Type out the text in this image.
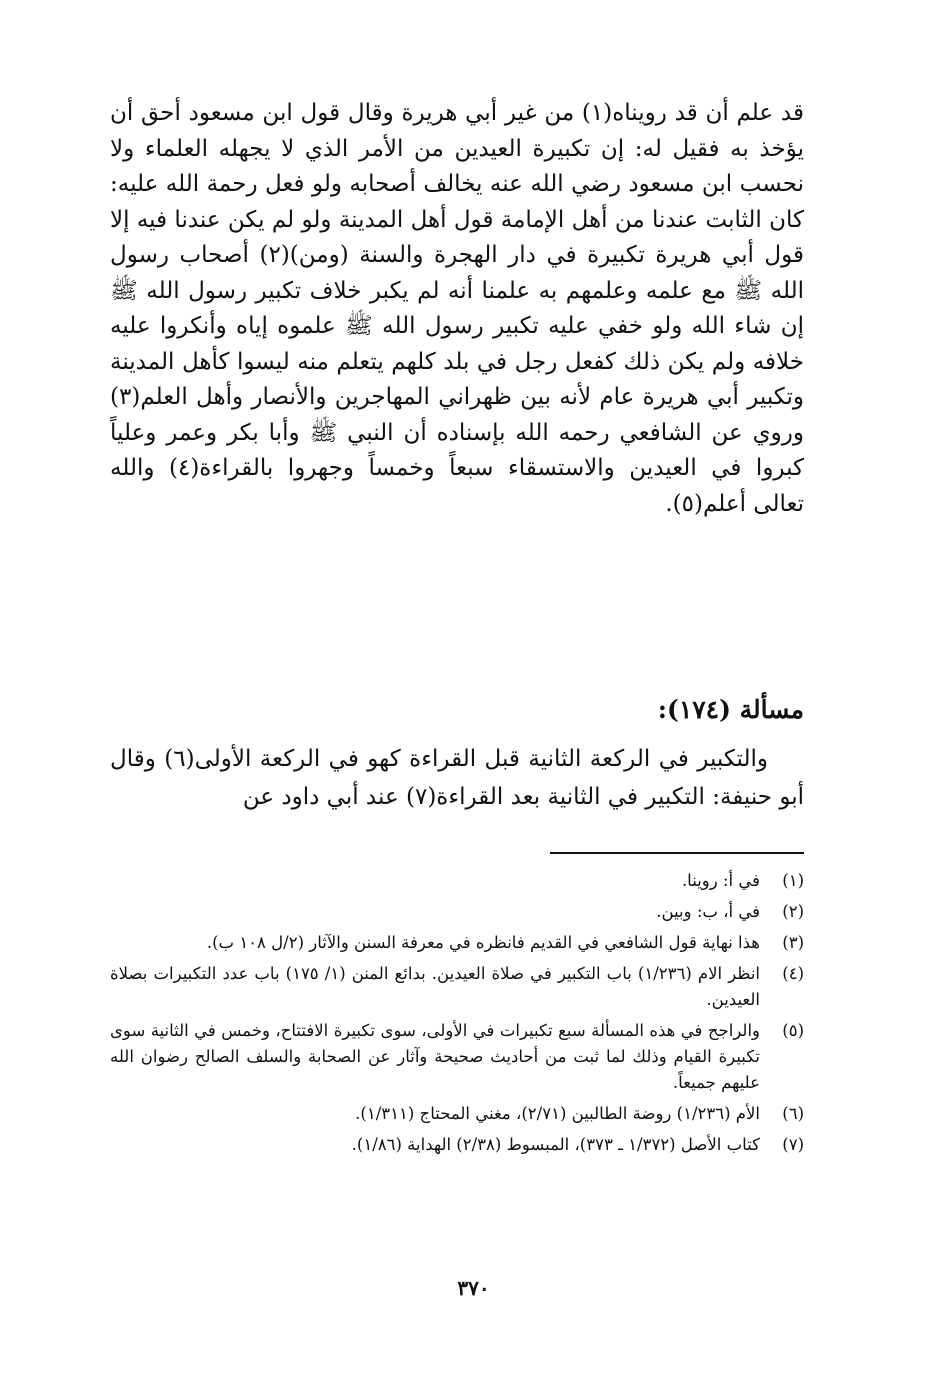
قد علم أن قد رويناه(١) من غير أبي هريرة وقال قول ابن مسعود أحق أن يؤخذ به فقيل له: إن تكبيرة العيدين من الأمر الذي لا يجهله العلماء ولا نحسب ابن مسعود رضي الله عنه يخالف أصحابه ولو فعل رحمة الله عليه: كان الثابت عندنا من أهل الإمامة قول أهل المدينة ولو لم يكن عندنا فيه إلا قول أبي هريرة تكبيرة في دار الهجرة والسنة (ومن)(٢) أصحاب رسول الله ﷺ مع علمه وعلمهم به علمنا أنه لم يكبر خلاف تكبير رسول الله ﷺ إن شاء الله ولو خفي عليه تكبير رسول الله ﷺ علموه إياه وأنكروا عليه خلافه ولم يكن ذلك كفعل رجل في بلد كلهم يتعلم منه ليسوا كأهل المدينة وتكبير أبي هريرة عام لأنه بين ظهراني المهاجرين والأنصار وأهل العلم(٣) وروي عن الشافعي رحمه الله بإسناده أن النبي ﷺ وأبا بكر وعمر وعلياً كبروا في العيدين والاستسقاء سبعاً وخمساً وجهروا بالقراءة(٤) والله تعالى أعلم(٥).

مسألة (١٧٤):

والتكبير في الركعة الثانية قبل القراءة كهو في الركعة الأولى(٦) وقال أبو حنيفة: التكبير في الثانية بعد القراءة(٧) عند أبي داود عن

(١)
في أ: روينا.
(٢)
في أ، ب: وبين.
(٣)
هذا نهاية قول الشافعي في القديم فانظره في معرفة السنن والآثار (٢/ل ١٠٨ ب).
(٤)
انظر الام (١/٢٣٦) باب التكبير في صلاة العيدين. بدائع المنن (١/ ١٧٥) باب عدد التكبيرات بصلاة العيدين.
(٥)
والراجح في هذه المسألة سبع تكبيرات في الأولى، سوى تكبيرة الافتتاح، وخمس في الثانية سوى تكبيرة القيام وذلك لما ثبت من أحاديث صحيحة وآثار عن الصحابة والسلف الصالح رضوان الله عليهم جميعاً.
(٦)
الأم (١/٢٣٦) روضة الطالبين (٢/٧١)، مغني المحتاج (١/٣١١).
(٧)
كتاب الأصل (١/٣٧٢ ـ ٣٧٣)، المبسوط (٢/٣٨) الهداية (١/٨٦).
٣٧٠
